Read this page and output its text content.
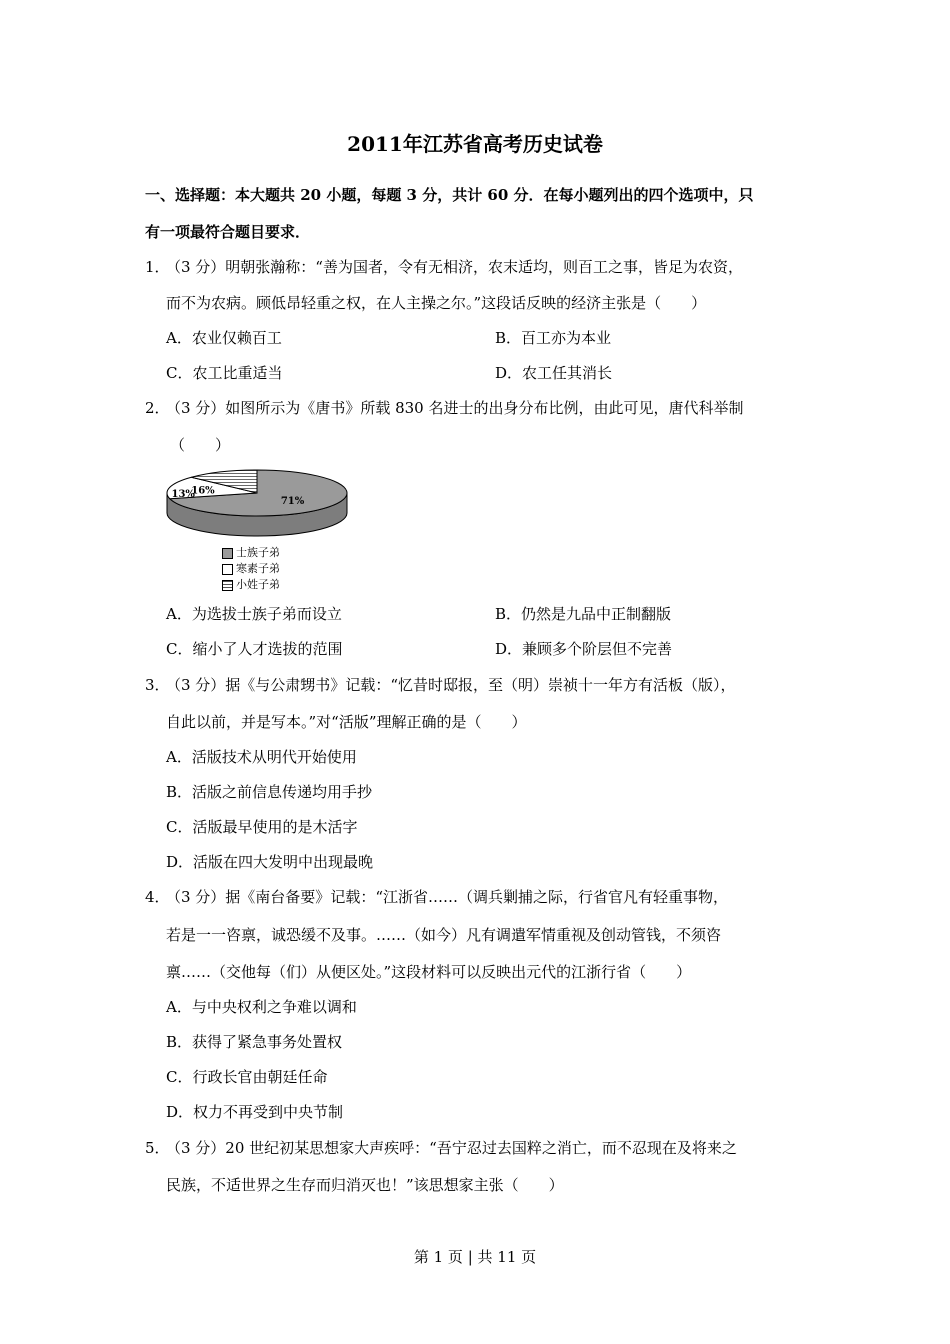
2011年江苏省高考历史试卷
一、选择题：本大题共 20 小题，每题 3 分，共计 60 分．在每小题列出的四个选项中，只
有一项最符合题目要求．
1．
（3 分）明朝张瀚称：“善为国者，令有无相济，农末适均，则百工之事，皆足为农资，
而不为农病。顾低昂轻重之权，在人主操之尔。”这段话反映的经济主张是（　　）
A．农业仅赖百工	B．百工亦为本业
C．农工比重适当	D．农工任其消长
2．
（3 分）如图所示为《唐书》所载 830 名进士的出身分布比例，由此可见，唐代科举制
（　　）
71%
16%
13%
士族子弟
寒素子弟
小姓子弟
A．为选拔士族子弟而设立	B．仍然是九品中正制翻版
C．缩小了人才选拔的范围	D．兼顾多个阶层但不完善
3．
（3 分）据《与公肃甥书》记载：“忆昔时邸报，至（明）崇祯十一年方有活板（版），
自此以前，并是写本。”对“活版”理解正确的是（　　）
A．活版技术从明代开始使用
B．活版之前信息传递均用手抄
C．活版最早使用的是木活字
D．活版在四大发明中出现最晚
4．
（3 分）据《南台备要》记载：“江浙省……（调兵剿捕之际，行省官凡有轻重事物，
若是一一咨禀，诚恐缓不及事。……（如今）凡有调遣军情重视及创动管钱，不须咨
禀……（交他每（们）从便区处。”这段材料可以反映出元代的江浙行省（　　）
A．与中央权利之争难以调和
B．获得了紧急事务处置权
C．行政长官由朝廷任命
D．权力不再受到中央节制
5．
（3 分）20 世纪初某思想家大声疾呼：“吾宁忍过去国粹之消亡，而不忍现在及将来之
民族，不适世界之生存而归消灭也！”该思想家主张（　　）
第 1 页 | 共 11 页
